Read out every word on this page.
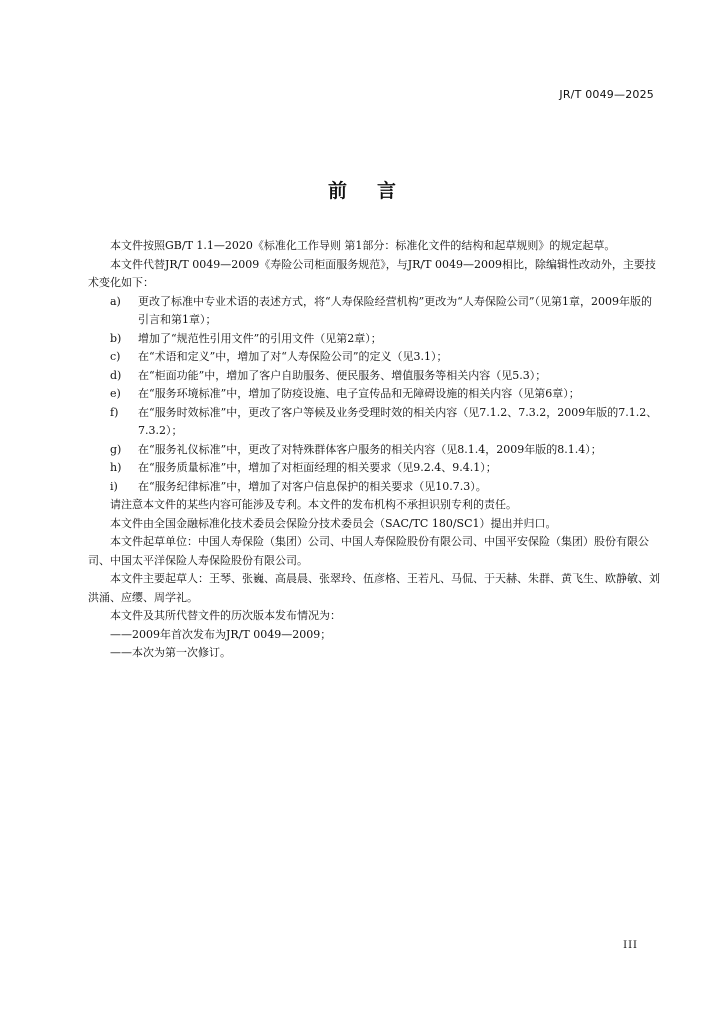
JR/T 0049—2025
前言

本文件按照GB/T 1.1—2020《标准化工作导则 第1部分：标准化文件的结构和起草规则》的规定起草。

本文件代替JR/T 0049—2009《寿险公司柜面服务规范》，与JR/T 0049—2009相比，除编辑性改动外，主要技术变化如下：

a)	更改了标准中专业术语的表述方式，将“人寿保险经营机构”更改为“人寿保险公司”（见第1章，2009年版的引言和第1章）；
b)	增加了“规范性引用文件”的引用文件（见第2章）；
c)	在“术语和定义”中，增加了对“人寿保险公司”的定义（见3.1）；
d)	在“柜面功能”中，增加了客户自助服务、便民服务、增值服务等相关内容（见5.3）；
e)	在“服务环境标准”中，增加了防疫设施、电子宣传品和无障碍设施的相关内容（见第6章）；
f)	在“服务时效标准”中，更改了客户等候及业务受理时效的相关内容（见7.1.2、7.3.2，2009年版的7.1.2、7.3.2）；
g)	在“服务礼仪标准”中，更改了对特殊群体客户服务的相关内容（见8.1.4，2009年版的8.1.4）；
h)	在“服务质量标准”中，增加了对柜面经理的相关要求（见9.2.4、9.4.1）；
i)	在“服务纪律标准”中，增加了对客户信息保护的相关要求（见10.7.3）。

请注意本文件的某些内容可能涉及专利。本文件的发布机构不承担识别专利的责任。

本文件由全国金融标准化技术委员会保险分技术委员会（SAC/TC 180/SC1）提出并归口。

本文件起草单位：中国人寿保险（集团）公司、中国人寿保险股份有限公司、中国平安保险（集团）股份有限公司、中国太平洋保险人寿保险股份有限公司。

本文件主要起草人：王琴、张巍、高晨晨、张翠玲、伍彦格、王若凡、马侃、于天赫、朱群、黄飞生、欧静敏、刘洪涌、应缨、周学礼。

本文件及其所代替文件的历次版本发布情况为：

——2009年首次发布为JR/T 0049—2009；

——本次为第一次修订。

III
